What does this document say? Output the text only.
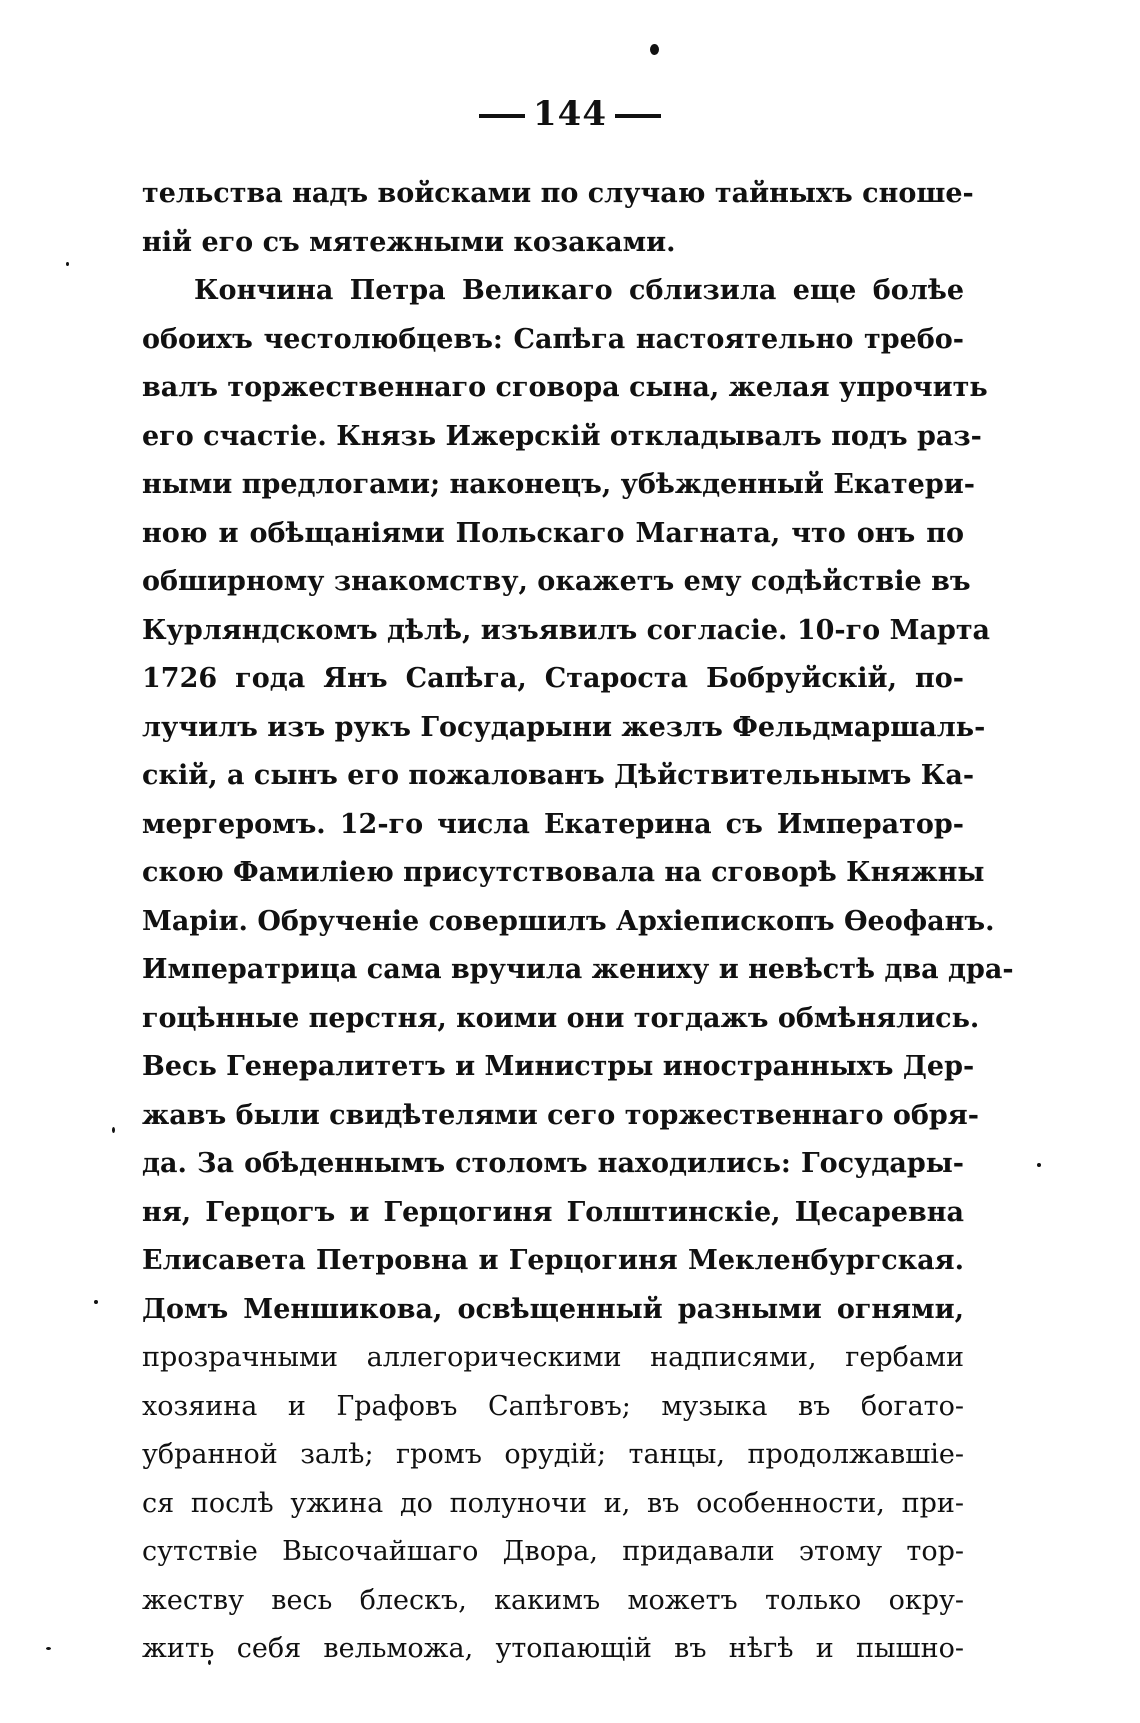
144
тельства надъ войсками по случаю тайныхъ сноше-
ній его съ мятежными козаками.
Кончина Петра Великаго сблизила еще болѣе
обоихъ честолюбцевъ: Сапѣга настоятельно требо-
валъ торжественнаго сговора сына, желая упрочить
его счастіе. Князь Ижерскій откладывалъ подъ раз-
ными предлогами; наконецъ, убѣжденный Екатери-
ною и обѣщаніями Польскаго Магната, что онъ по
обширному знакомству, окажетъ ему содѣйствіе въ
Курляндскомъ дѣлѣ, изъявилъ согласіе. 10-го Марта
1726 года Янъ Сапѣга, Староста Бобруйскій, по-
лучилъ изъ рукъ Государыни жезлъ Фельдмаршаль-
скій, а сынъ его пожалованъ Дѣйствительнымъ Ка-
мергеромъ. 12-го числа Екатерина съ Император-
скою Фамиліею присутствовала на сговорѣ Княжны
Маріи. Обрученіе совершилъ Архіепископъ Ѳеофанъ.
Императрица сама вручила жениху и невѣстѣ два дра-
гоцѣнные перстня, коими они тогдажъ обмѣнялись.
Весь Генералитетъ и Министры иностранныхъ Дер-
жавъ были свидѣтелями сего торжественнаго обря-
да. За обѣденнымъ столомъ находились: Государы-
ня, Герцогъ и Герцогиня Голштинскіе, Цесаревна
Елисавета Петровна и Герцогиня Мекленбургская.
Домъ Меншикова, освѣщенный разными огнями,
прозрачными аллегорическими надписями, гербами
хозяина и Графовъ Сапѣговъ; музыка въ богато-
убранной залѣ; громъ орудій; танцы, продолжавшіе-
ся послѣ ужина до полуночи и, въ особенности, при-
сутствіе Высочайшаго Двора, придавали этому тор-
жеству весь блескъ, какимъ можетъ только окру-
жить себя вельможа, утопающій въ нѣгѣ и пышно-
